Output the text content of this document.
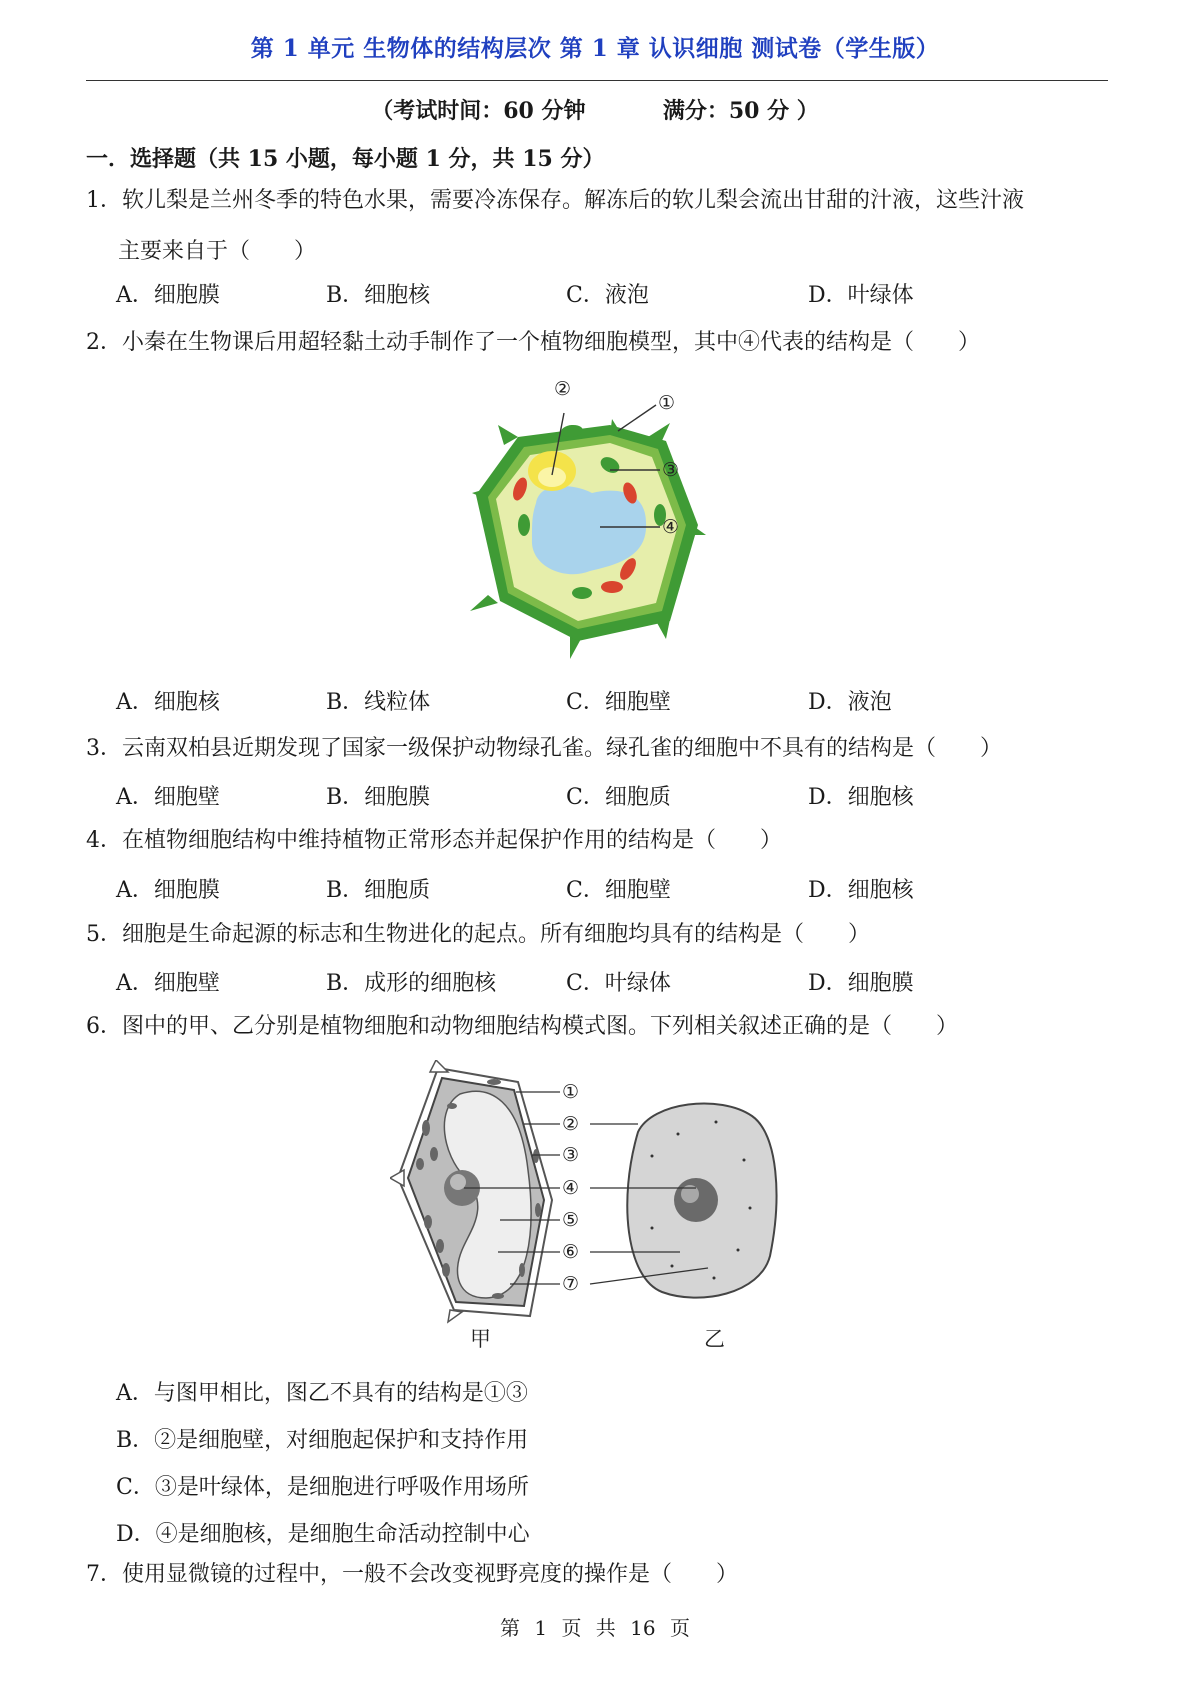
第 1 单元 生物体的结构层次 第 1 章 认识细胞 测试卷（学生版）
（考试时间：60 分钟	满分：50 分 ）
一．选择题（共 15 小题，每小题 1 分，共 15 分）
1．软儿梨是兰州冬季的特色水果，需要冷冻保存。解冻后的软儿梨会流出甘甜的汁液，这些汁液
主要来自于（　　）
A．细胞膜	B．细胞核	C．液泡	D．叶绿体
2．小秦在生物课后用超轻黏土动手制作了一个植物细胞模型，其中④代表的结构是（　　）
②
①
③
④
A．细胞核	B．线粒体	C．细胞壁	D．液泡
3．云南双柏县近期发现了国家一级保护动物绿孔雀。绿孔雀的细胞中不具有的结构是（　　）
A．细胞壁	B．细胞膜	C．细胞质	D．细胞核
4．在植物细胞结构中维持植物正常形态并起保护作用的结构是（　　）
A．细胞膜	B．细胞质	C．细胞壁	D．细胞核
5．细胞是生命起源的标志和生物进化的起点。所有细胞均具有的结构是（　　）
A．细胞壁	B．成形的细胞核	C．叶绿体	D．细胞膜
6．图中的甲、乙分别是植物细胞和动物细胞结构模式图。下列相关叙述正确的是（　　）
①
②
③
④
⑤
⑥
⑦
甲	乙
A．与图甲相比，图乙不具有的结构是①③
B．②是细胞壁，对细胞起保护和支持作用
C．③是叶绿体，是细胞进行呼吸作用场所
D．④是细胞核，是细胞生命活动控制中心
7．使用显微镜的过程中，一般不会改变视野亮度的操作是（　　）
第 1 页 共 16 页
